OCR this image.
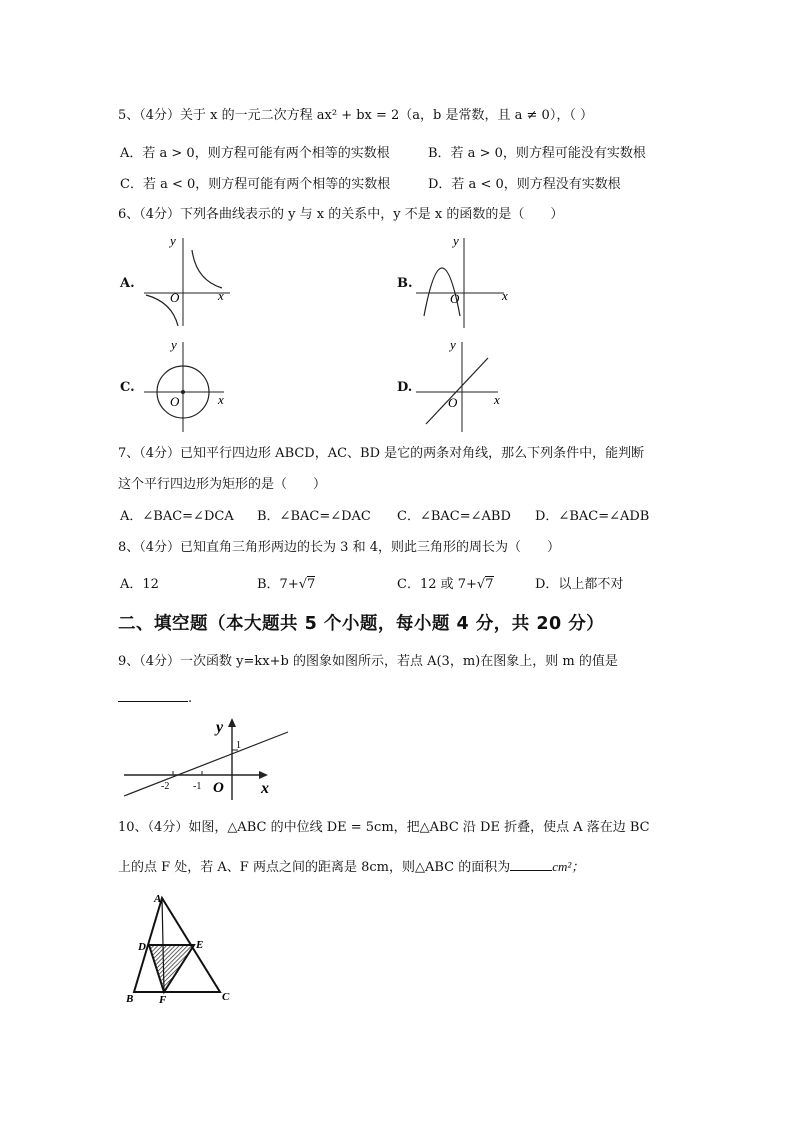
5、（4分）关于 x 的一元二次方程 ax² + bx = 2（a，b 是常数，且 a ≠ 0），（ ）
A．若 a > 0，则方程可能有两个相等的实数根	B．若 a > 0，则方程可能没有实数根
C．若 a < 0，则方程可能有两个相等的实数根	D．若 a < 0，则方程没有实数根
6、（4分）下列各曲线表示的 y 与 x 的关系中，y 不是 x 的函数的是（　　）
A.
y
x
O
B.
y
x
O
C.
y
x
O
D.
y
x
O
7、（4分）已知平行四边形 ABCD，AC、BD 是它的两条对角线，那么下列条件中，能判断
这个平行四边形为矩形的是（　　）
A．∠BAC=∠DCA B．∠BAC=∠DAC C．∠BAC=∠ABD D．∠BAC=∠ADB
8、（4分）已知直角三角形两边的长为 3 和 4，则此三角形的周长为（　　）
A．12	B．7+√7	C．12 或 7+√7	D．以上都不对
二、填空题（本大题共 5 个小题，每小题 4 分，共 20 分）
9、（4分）一次函数 y=kx+b 的图象如图所示，若点 A(3，m)在图象上，则 m 的值是
.
-2 -1
1
O x
y
10、（4分）如图，△ABC 的中位线 DE = 5cm，把△ABC 沿 DE 折叠，使点 A 落在边 BC
上的点 F 处，若 A、F 两点之间的距离是 8cm，则△ABC 的面积为	cm²；
A
D	E
B F	C
